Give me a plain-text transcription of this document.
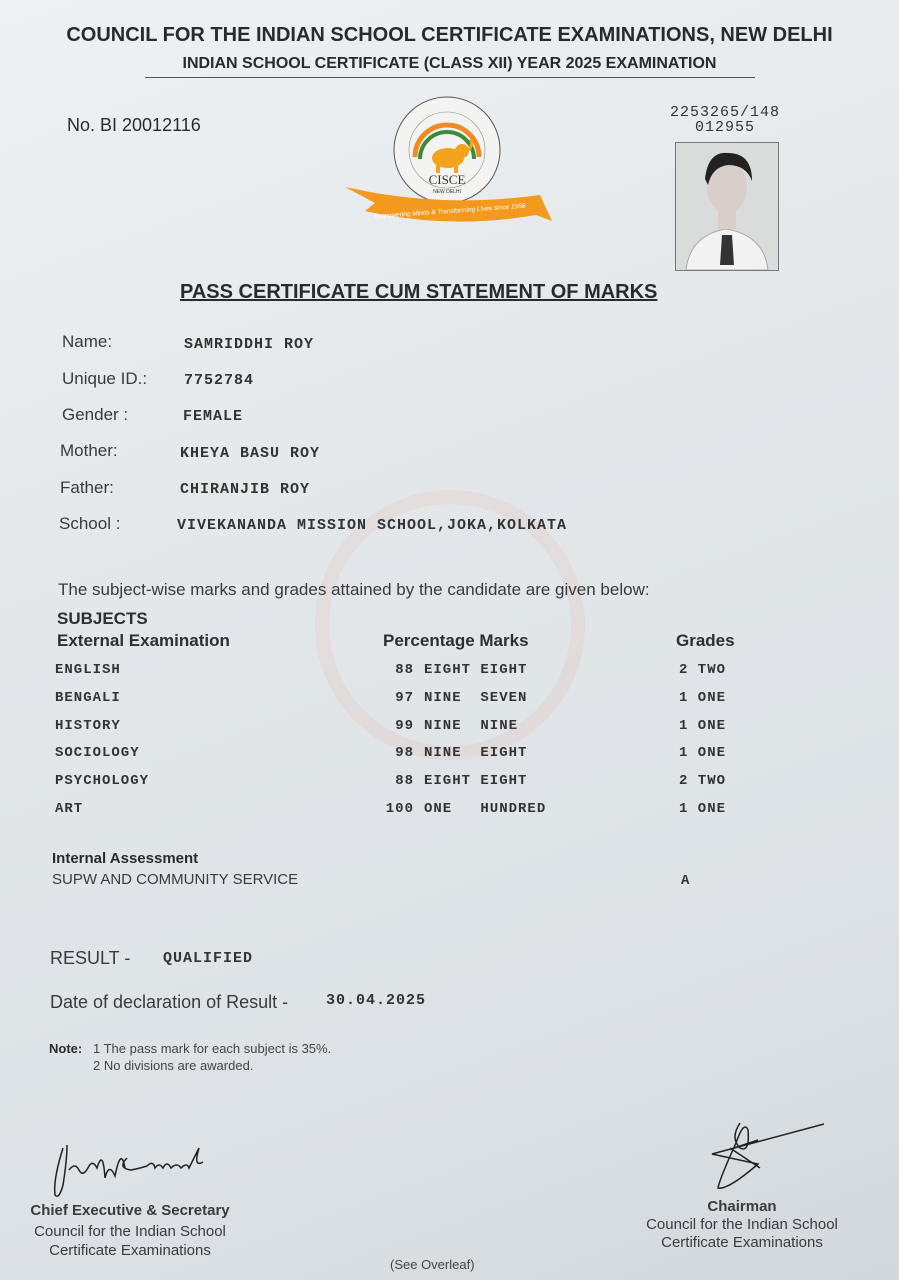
COUNCIL FOR THE INDIAN SCHOOL CERTIFICATE EXAMINATIONS, NEW DELHI
INDIAN SCHOOL CERTIFICATE (CLASS XII) YEAR 2025 EXAMINATION
No. BI 20012116
2253265/148
012955
CISCE
NEW DELHI
Empowering Minds & Transforming Lives since 1958
PASS CERTIFICATE CUM STATEMENT OF MARKS
Name:	SAMRIDDHI ROY
Unique ID.: 7752784
Gender :	FEMALE
Mother:	KHEYA BASU ROY
Father:	CHIRANJIB ROY
School :	VIVEKANANDA MISSION SCHOOL,JOKA,KOLKATA
The subject-wise marks and grades attained by the candidate are given below:
SUBJECTS
External Examination	Percentage Marks	Grades
ENGLISH	88 EIGHT EIGHT	2 TWO
BENGALI	97 NINE  SEVEN	1 ONE
HISTORY	99 NINE  NINE	1 ONE
SOCIOLOGY	98 NINE  EIGHT	1 ONE
PSYCHOLOGY	88 EIGHT EIGHT	2 TWO
ART	100 ONE   HUNDRED	1 ONE
Internal Assessment
SUPW AND COMMUNITY SERVICE	A
RESULT - QUALIFIED
Date of declaration of Result -	30.04.2025
Note: 1 The pass mark for each subject is 35%.
2 No divisions are awarded.
Chief Executive & Secretary
Council for the Indian School
Certificate Examinations
Chairman
Council for the Indian School
Certificate Examinations
(See Overleaf)
